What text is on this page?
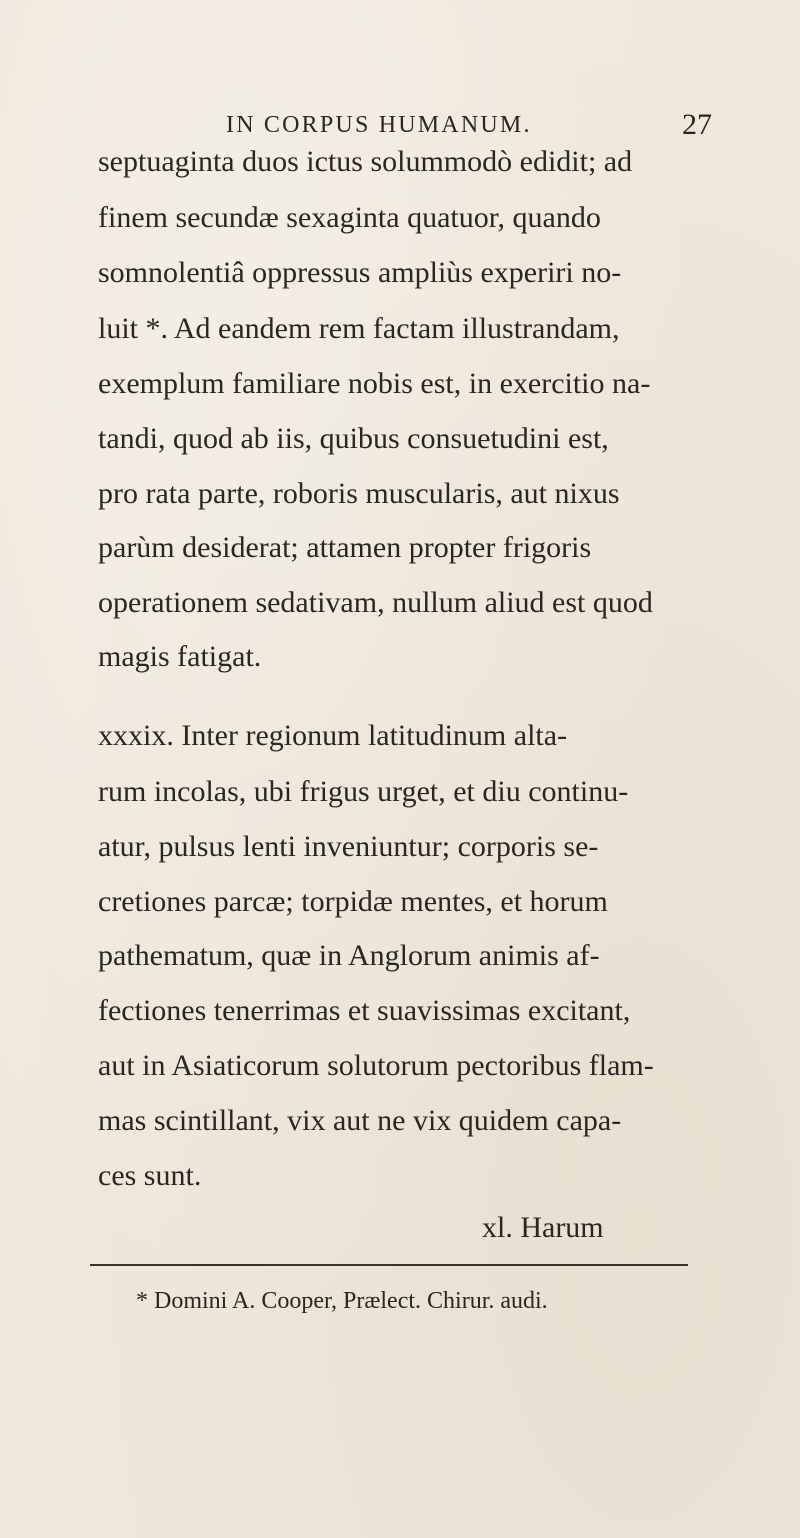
IN CORPUS HUMANUM.	27
septuaginta duos ictus solummodò edidit; ad
finem secundæ sexaginta quatuor, quando
somnolentiâ oppressus ampliùs experiri no-
luit *. Ad eandem rem factam illustrandam,
exemplum familiare nobis est, in exercitio na-
tandi, quod ab iis, quibus consuetudini est,
pro rata parte, roboris muscularis, aut nixus
parùm desiderat; attamen propter frigoris
operationem sedativam, nullum aliud est quod
magis fatigat.
xxxix. Inter regionum latitudinum alta-
rum incolas, ubi frigus urget, et diu continu-
atur, pulsus lenti inveniuntur; corporis se-
cretiones parcæ; torpidæ mentes, et horum
pathematum, quæ in Anglorum animis af-
fectiones tenerrimas et suavissimas excitant,
aut in Asiaticorum solutorum pectoribus flam-
mas scintillant, vix aut ne vix quidem capa-
ces sunt.
xl. Harum
* Domini A. Cooper, Prælect. Chirur. audi.
